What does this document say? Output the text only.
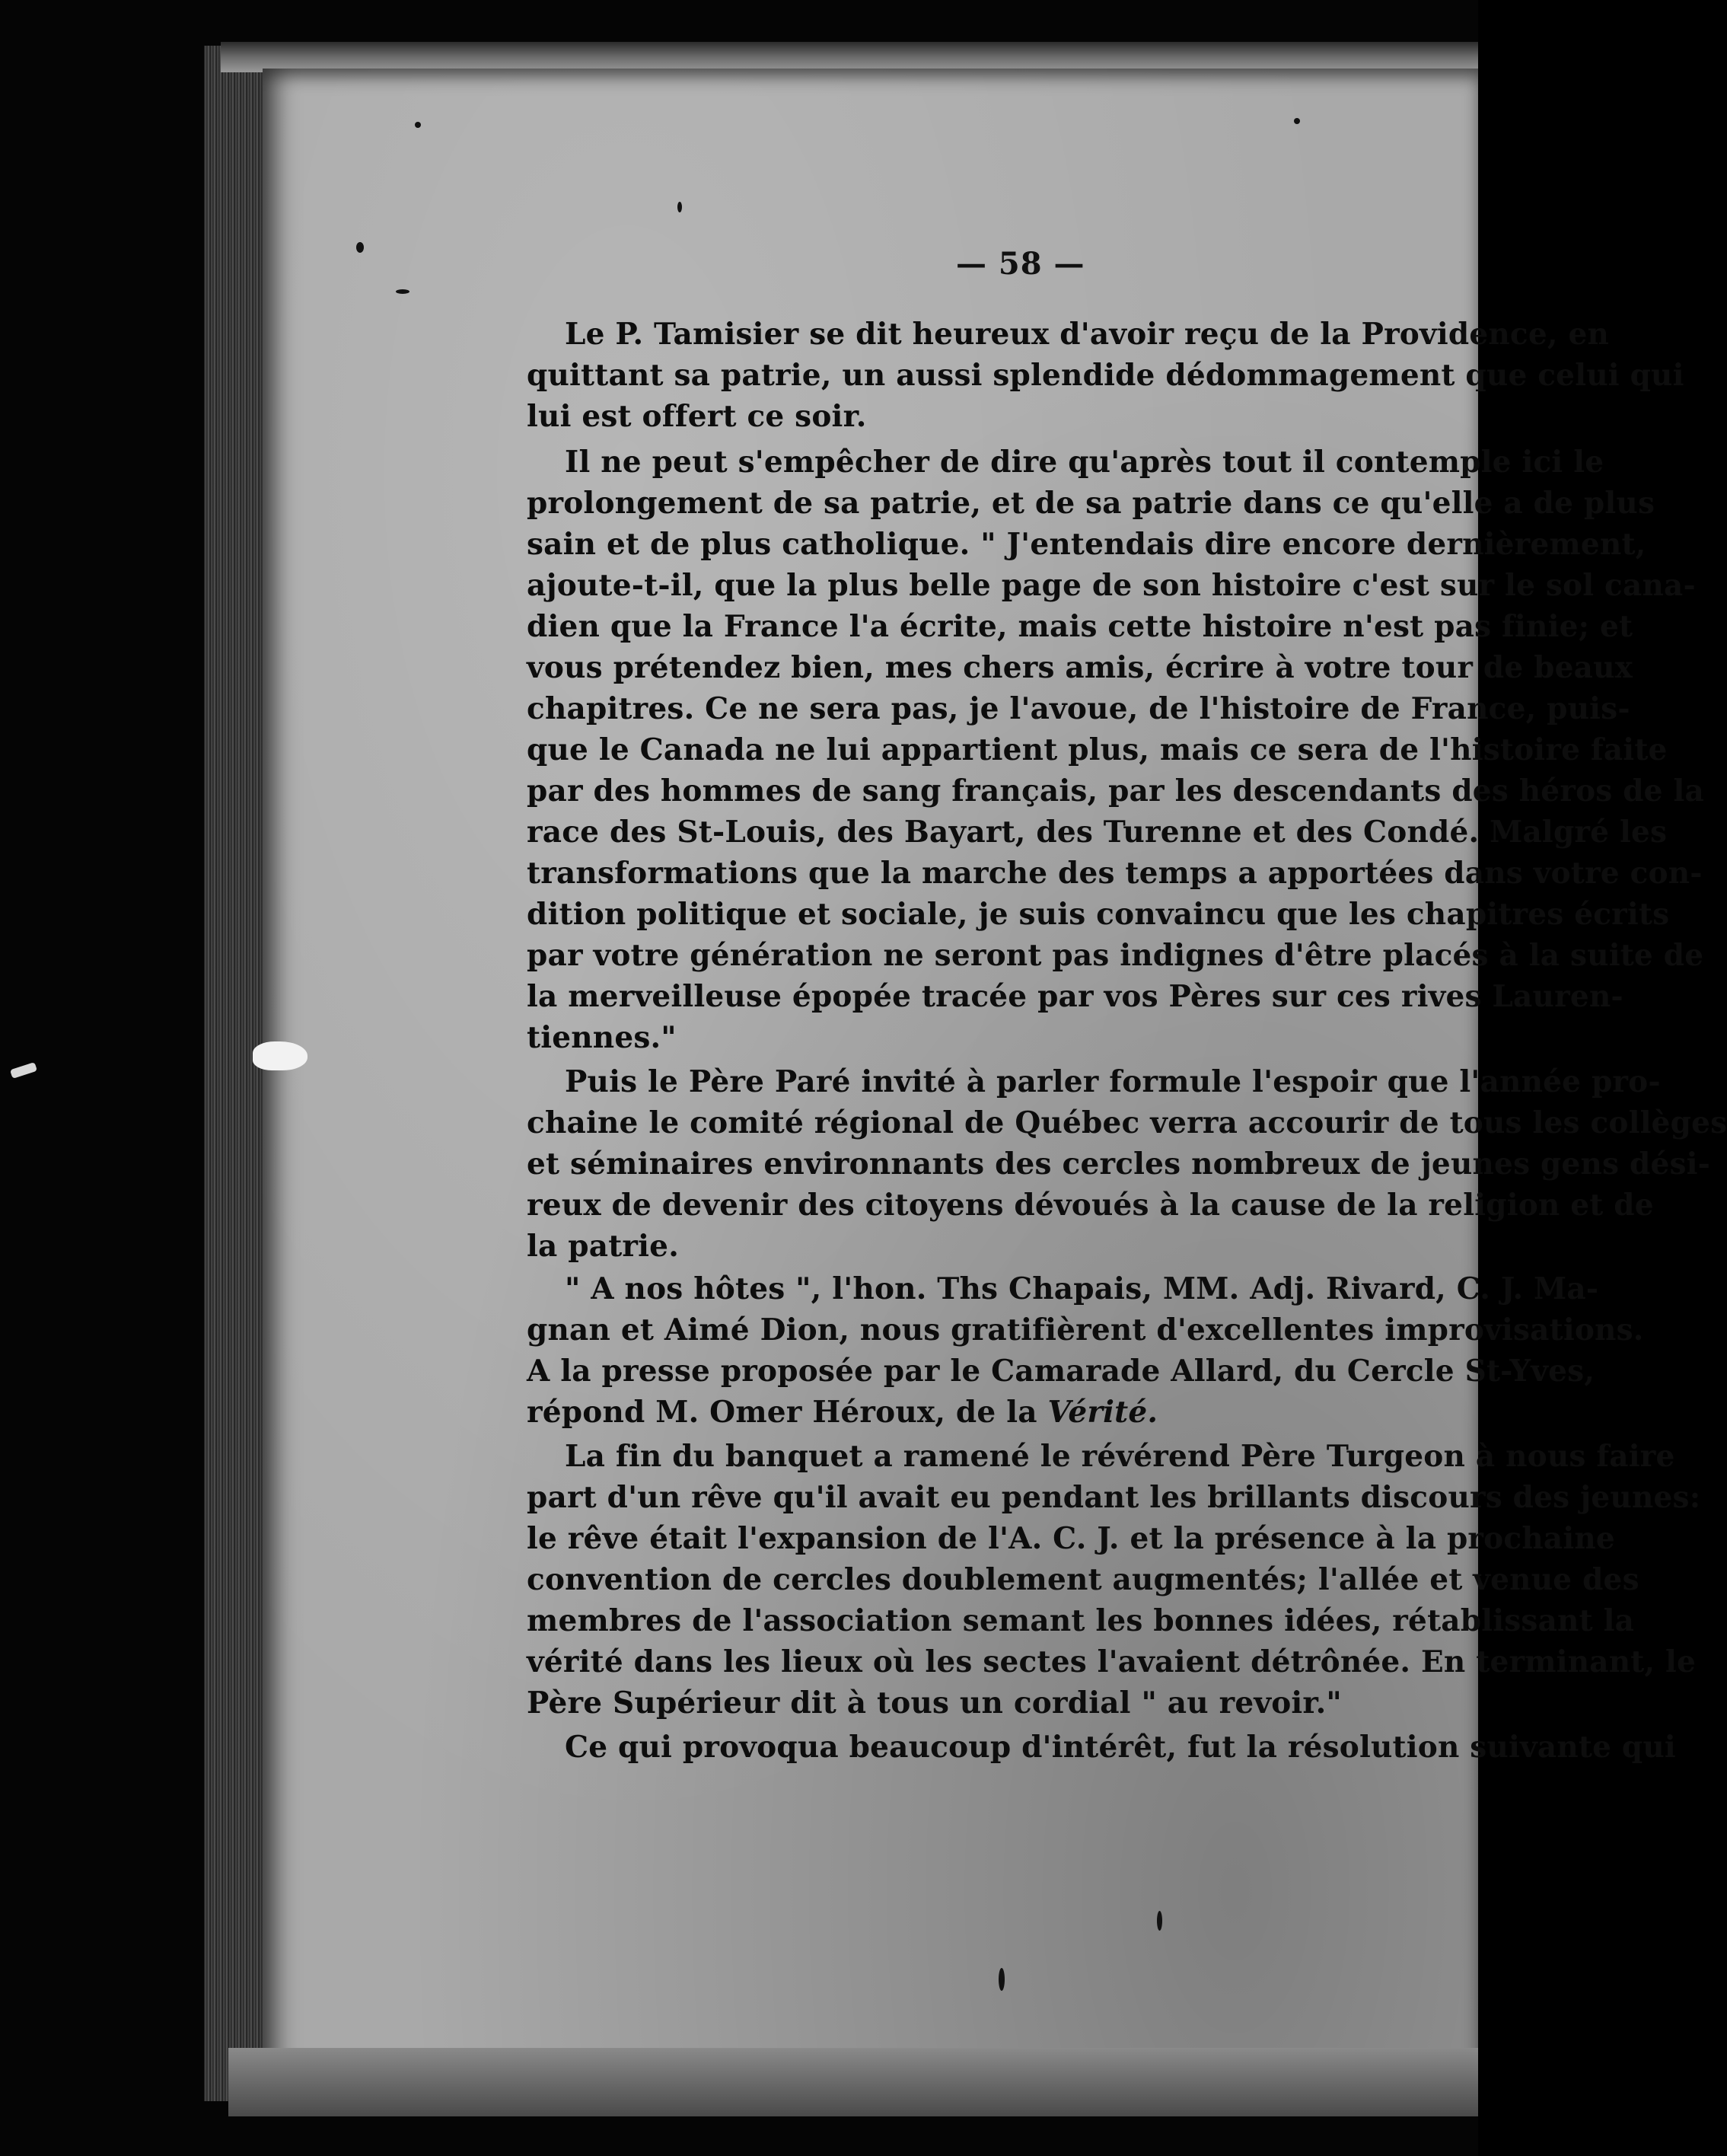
— 58 —
Le P. Tamisier se dit heureux d'avoir reçu de la Providence, en
quittant sa patrie, un aussi splendide dédommagement que celui qui
lui est offert ce soir.
Il ne peut s'empêcher de dire qu'après tout il contemple ici le
prolongement de sa patrie, et de sa patrie dans ce qu'elle a de plus
sain et de plus catholique. " J'entendais dire encore dernièrement,
ajoute-t-il, que la plus belle page de son histoire c'est sur le sol cana-
dien que la France l'a écrite, mais cette histoire n'est pas finie; et
vous prétendez bien, mes chers amis, écrire à votre tour de beaux
chapitres. Ce ne sera pas, je l'avoue, de l'histoire de France, puis-
que le Canada ne lui appartient plus, mais ce sera de l'histoire faite
par des hommes de sang français, par les descendants des héros de la
race des St-Louis, des Bayart, des Turenne et des Condé. Malgré les
transformations que la marche des temps a apportées dans votre con-
dition politique et sociale, je suis convaincu que les chapitres écrits
par votre génération ne seront pas indignes d'être placés à la suite de
la merveilleuse épopée tracée par vos Pères sur ces rives Lauren-
tiennes."
Puis le Père Paré invité à parler formule l'espoir que l'année pro-
chaine le comité régional de Québec verra accourir de tous les collèges
et séminaires environnants des cercles nombreux de jeunes gens dési-
reux de devenir des citoyens dévoués à la cause de la religion et de
la patrie.
" A nos hôtes ", l'hon. Ths Chapais, MM. Adj. Rivard, C. J. Ma-
gnan et Aimé Dion, nous gratifièrent d'excellentes improvisations.
A la presse proposée par le Camarade Allard, du Cercle St-Yves,
répond M. Omer Héroux, de la Vérité.
La fin du banquet a ramené le révérend Père Turgeon à nous faire
part d'un rêve qu'il avait eu pendant les brillants discours des jeunes:
le rêve était l'expansion de l'A. C. J. et la présence à la prochaine
convention de cercles doublement augmentés; l'allée et venue des
membres de l'association semant les bonnes idées, rétablissant la
vérité dans les lieux où les sectes l'avaient détrônée. En terminant, le
Père Supérieur dit à tous un cordial " au revoir."
Ce qui provoqua beaucoup d'intérêt, fut la résolution suivante qui
